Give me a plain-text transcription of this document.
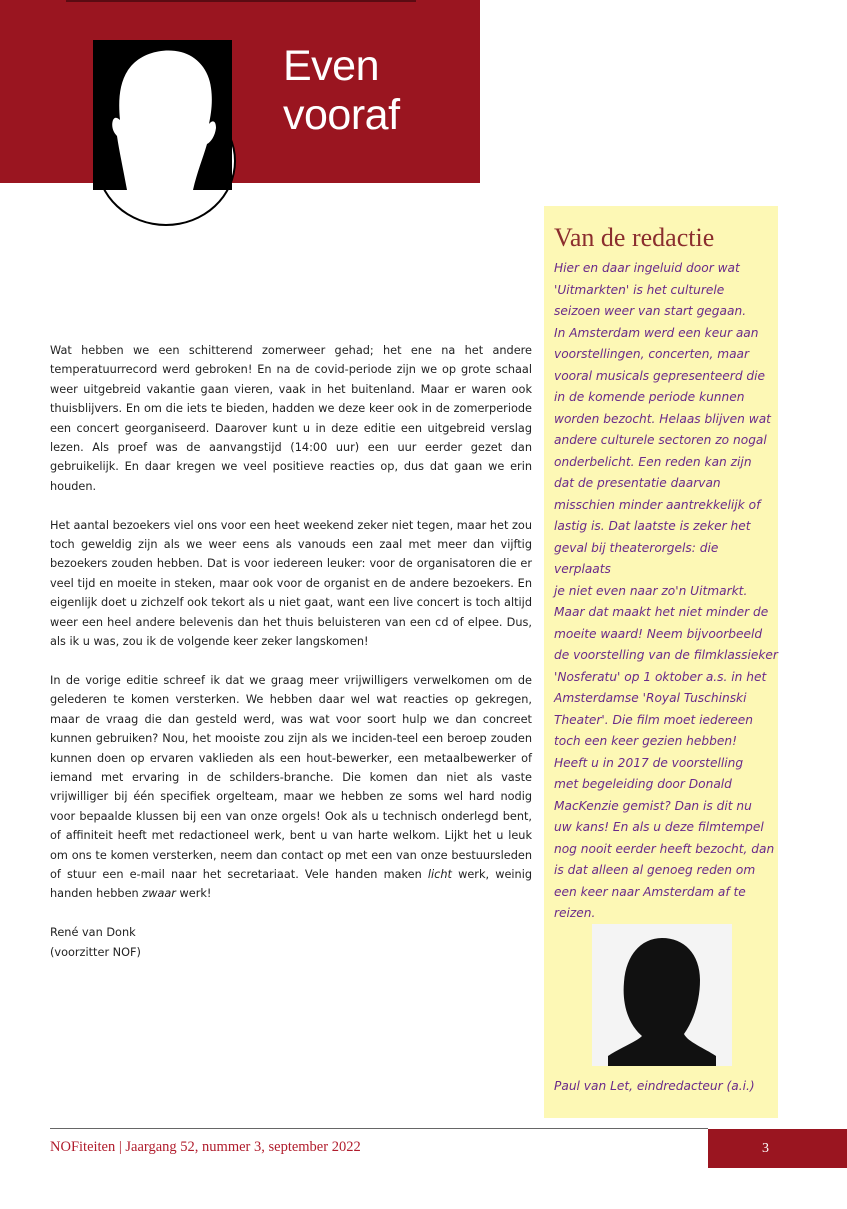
Even
vooraf

Wat hebben we een schitterend zomerweer gehad; het ene na het andere temperatuurrecord werd gebroken! En na de covid-periode zijn we op grote schaal weer uitgebreid vakantie gaan vieren, vaak in het buitenland. Maar er waren ook thuisblijvers. En om die iets te bieden, hadden we deze keer ook in de zomerperiode een concert georganiseerd. Daarover kunt u in deze editie een uitgebreid verslag lezen. Als proef was de aanvangstijd (14:00 uur) een uur eerder gezet dan gebruikelijk. En daar kregen we veel positieve reacties op, dus dat gaan we erin houden.

Het aantal bezoekers viel ons voor een heet weekend zeker niet tegen, maar het zou toch geweldig zijn als we weer eens als vanouds een zaal met meer dan vijftig bezoekers zouden hebben. Dat is voor iedereen leuker: voor de organisatoren die er veel tijd en moeite in steken, maar ook voor de organist en de andere bezoekers. En eigenlijk doet u zichzelf ook tekort als u niet gaat, want een live concert is toch altijd weer een heel andere belevenis dan het thuis beluisteren van een cd of elpee. Dus, als ik u was, zou ik de volgende keer zeker langskomen!

In de vorige editie schreef ik dat we graag meer vrijwilligers verwelkomen om de gelederen te komen versterken. We hebben daar wel wat reacties op gekregen, maar de vraag die dan gesteld werd, was wat voor soort hulp we dan concreet kunnen gebruiken? Nou, het mooiste zou zijn als we inciden-teel een beroep zouden kunnen doen op ervaren vaklieden als een hout-bewerker, een metaalbewerker of iemand met ervaring in de schilders-branche. Die komen dan niet als vaste vrijwilliger bij één specifiek orgelteam, maar we hebben ze soms wel hard nodig voor bepaalde klussen bij een van onze orgels! Ook als u technisch onderlegd bent, of affiniteit heeft met redactioneel werk, bent u van harte welkom. Lijkt het u leuk om ons te komen versterken, neem dan contact op met een van onze bestuursleden of stuur een e-mail naar het secretariaat. Vele handen maken licht werk, weinig handen hebben zwaar werk!

René van Donk

(voorzitter NOF)

Van de redactie

Hier en daar ingeluid door wat

'Uitmarkten' is het culturele

seizoen weer van start gegaan.

In Amsterdam werd een keur aan

voorstellingen, concerten, maar

vooral musicals gepresenteerd die

in de komende periode kunnen

worden bezocht. Helaas blijven wat

andere culturele sectoren zo nogal

onderbelicht. Een reden kan zijn

dat de presentatie daarvan

misschien minder aantrekkelijk of

lastig is. Dat laatste is zeker het

geval bij theaterorgels: die verplaats

je niet even naar zo'n Uitmarkt.

Maar dat maakt het niet minder de

moeite waard! Neem bijvoorbeeld

de voorstelling van de filmklassieker

'Nosferatu' op 1 oktober a.s. in het

Amsterdamse 'Royal Tuschinski

Theater'. Die film moet iedereen

toch een keer gezien hebben!

Heeft u in 2017 de voorstelling

met begeleiding door Donald

MacKenzie gemist? Dan is dit nu

uw kans! En als u deze filmtempel

nog nooit eerder heeft bezocht, dan

is dat alleen al genoeg reden om

een keer naar Amsterdam af te

reizen.

Paul van Let, eindredacteur (a.i.)
NOFiteiten | Jaargang 52, nummer 3, september 2022	3
